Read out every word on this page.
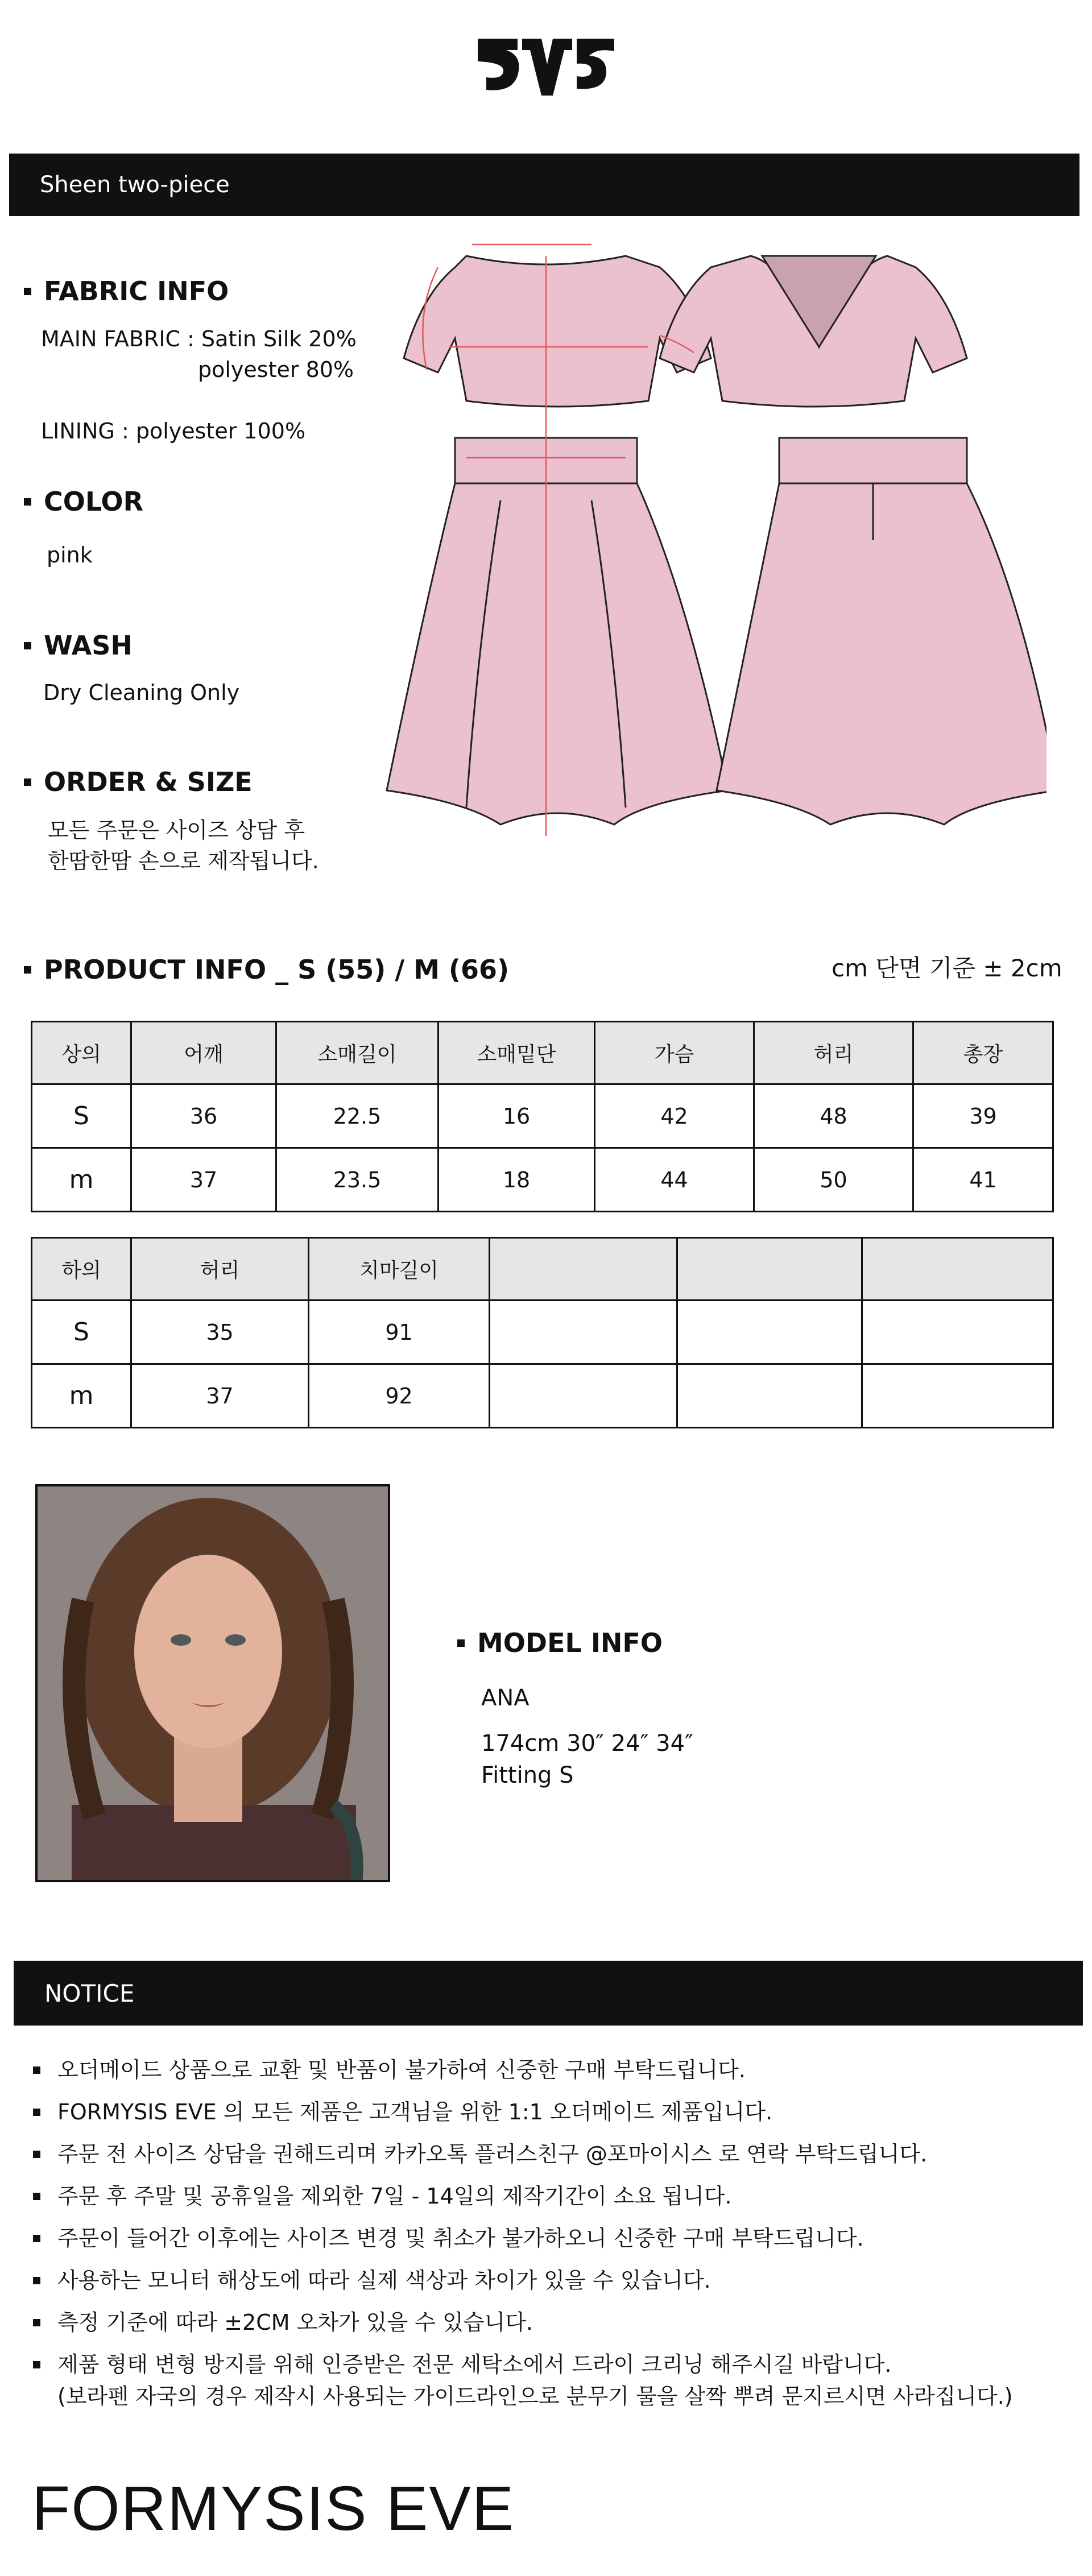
Sheen two-piece
FABRIC INFO
MAIN FABRIC : Satin Silk 20%
polyester 80%
LINING : polyester 100%
COLOR
pink
WASH
Dry Cleaning Only
ORDER & SIZE
모든 주문은 사이즈 상담 후
한땀한땀 손으로 제작됩니다.
PRODUCT INFO _ S (55) / M (66)	cm 단면 기준 ± 2cm
상의	어깨	소매길이	소매밑단	가슴	허리	총장
S	36	22.5	16	42	48	39
m	37	23.5	18	44	50	41
하의	허리	치마길이			
S	35	91			
m	37	92			
MODEL INFO
ANA
174cm 30″ 24″ 34″
Fitting S
NOTICE
오더메이드 상품으로 교환 및 반품이 불가하여 신중한 구매 부탁드립니다.
FORMYSIS EVE 의 모든 제품은 고객님을 위한 1:1 오더메이드 제품입니다.
주문 전 사이즈 상담을 권해드리며 카카오톡 플러스친구 @포마이시스 로 연락 부탁드립니다.
주문 후 주말 및 공휴일을 제외한 7일 - 14일의 제작기간이 소요 됩니다.
주문이 들어간 이후에는 사이즈 변경 및 취소가 불가하오니 신중한 구매 부탁드립니다.
사용하는 모니터 해상도에 따라 실제 색상과 차이가 있을 수 있습니다.
측정 기준에 따라 ±2CM 오차가 있을 수 있습니다.
제품 형태 변형 방지를 위해 인증받은 전문 세탁소에서 드라이 크리닝 해주시길 바랍니다.
(보라펜 자국의 경우 제작시 사용되는 가이드라인으로 분무기 물을 살짝 뿌려 문지르시면 사라집니다.)
FORMYSIS EVE
